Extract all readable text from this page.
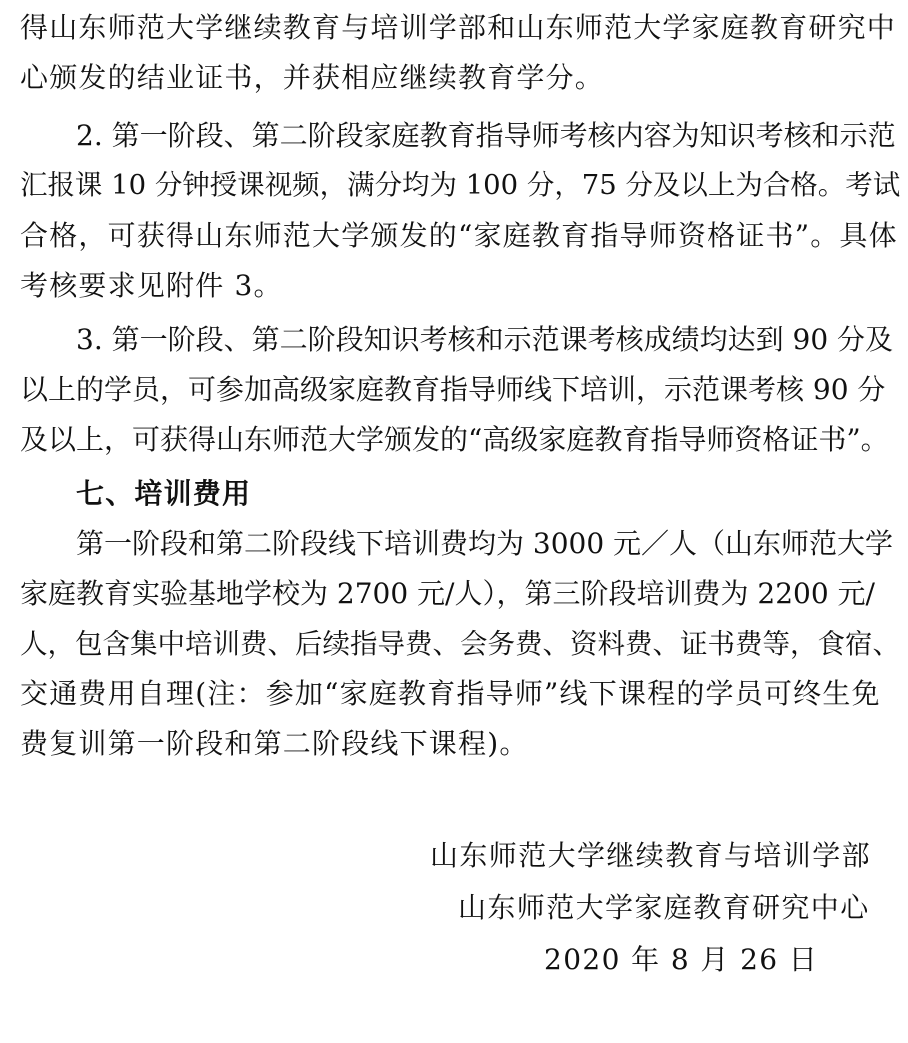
得山东师范大学继续教育与培训学部和山东师范大学家庭教育研究中
心颁发的结业证书，并获相应继续教育学分。
2. 第一阶段、第二阶段家庭教育指导师考核内容为知识考核和示范
汇报课 10 分钟授课视频，满分均为 100 分，75 分及以上为合格。考试
合格，可获得山东师范大学颁发的“家庭教育指导师资格证书”。具体
考核要求见附件 3。
3. 第一阶段、第二阶段知识考核和示范课考核成绩均达到 90 分及
以上的学员，可参加高级家庭教育指导师线下培训，示范课考核 90 分
及以上，可获得山东师范大学颁发的“高级家庭教育指导师资格证书”。
七、培训费用
第一阶段和第二阶段线下培训费均为 3000 元／人（山东师范大学
家庭教育实验基地学校为 2700 元/人），第三阶段培训费为 2200 元/
人，包含集中培训费、后续指导费、会务费、资料费、证书费等，食宿、
交通费用自理(注：参加“家庭教育指导师”线下课程的学员可终生免
费复训第一阶段和第二阶段线下课程)。
山东师范大学继续教育与培训学部
山东师范大学家庭教育研究中心
2020 年 8 月 26 日
